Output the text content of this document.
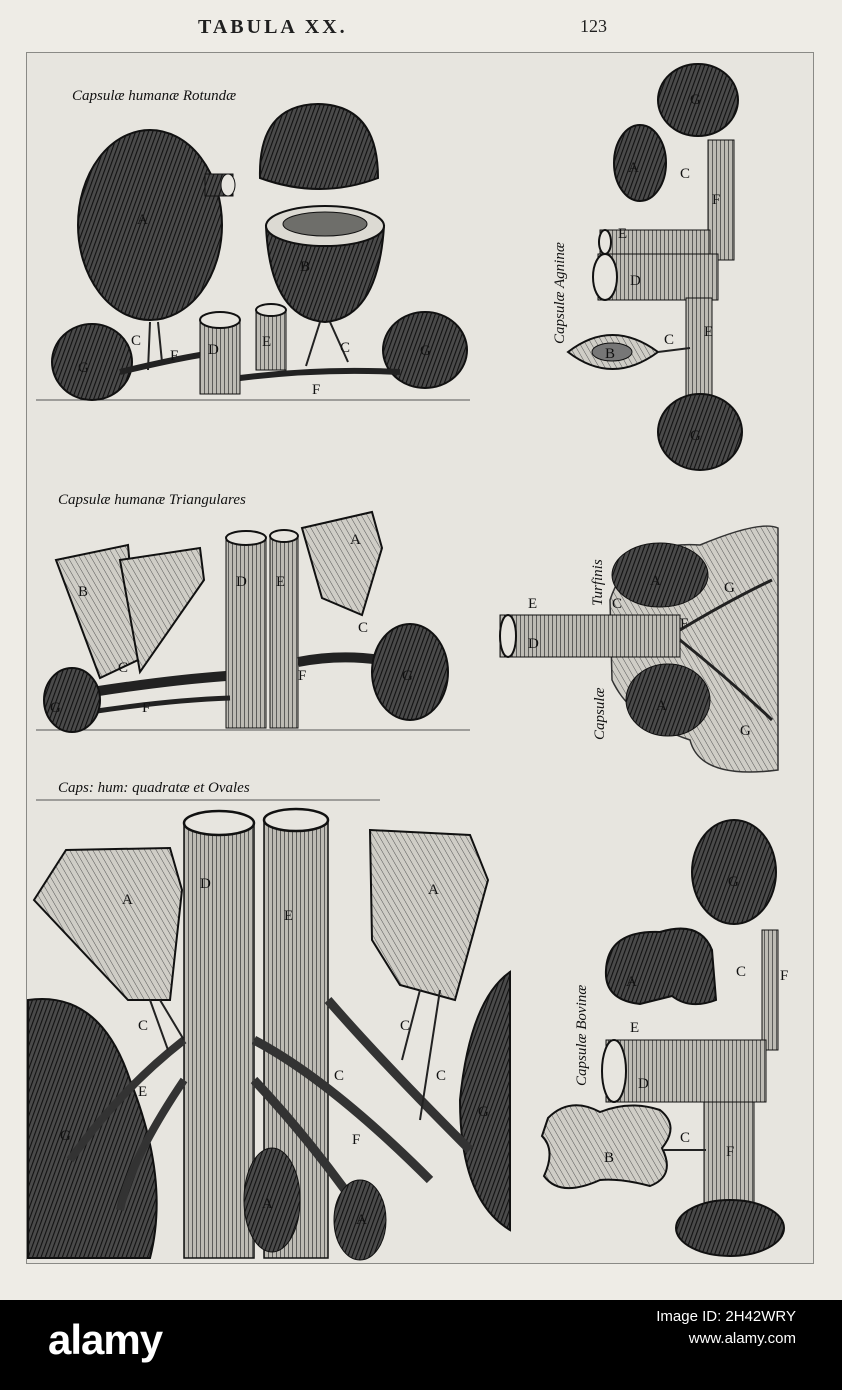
TABULA XX.	123
A
B
C	C
D	E
F
F
G
G
G
A	C
F
E
D
B
C E
G
B
A
C
C
D E
F
F
G
G
E
D
A
C
F
G
A
G
A
D
E
A
C	C
C	C
E
F
G
G
A
A
G
A
C F
E
D
B
C
F
Capsulæ humanæ Rotundæ
Capsulæ Agninæ
Capsulæ humanæ Triangulares
Turfinis
Capsulæ
Caps: hum: quadratæ et Ovales
Capsulæ Bovinæ
alamy	Image ID: 2H42WRY
www.alamy.com
